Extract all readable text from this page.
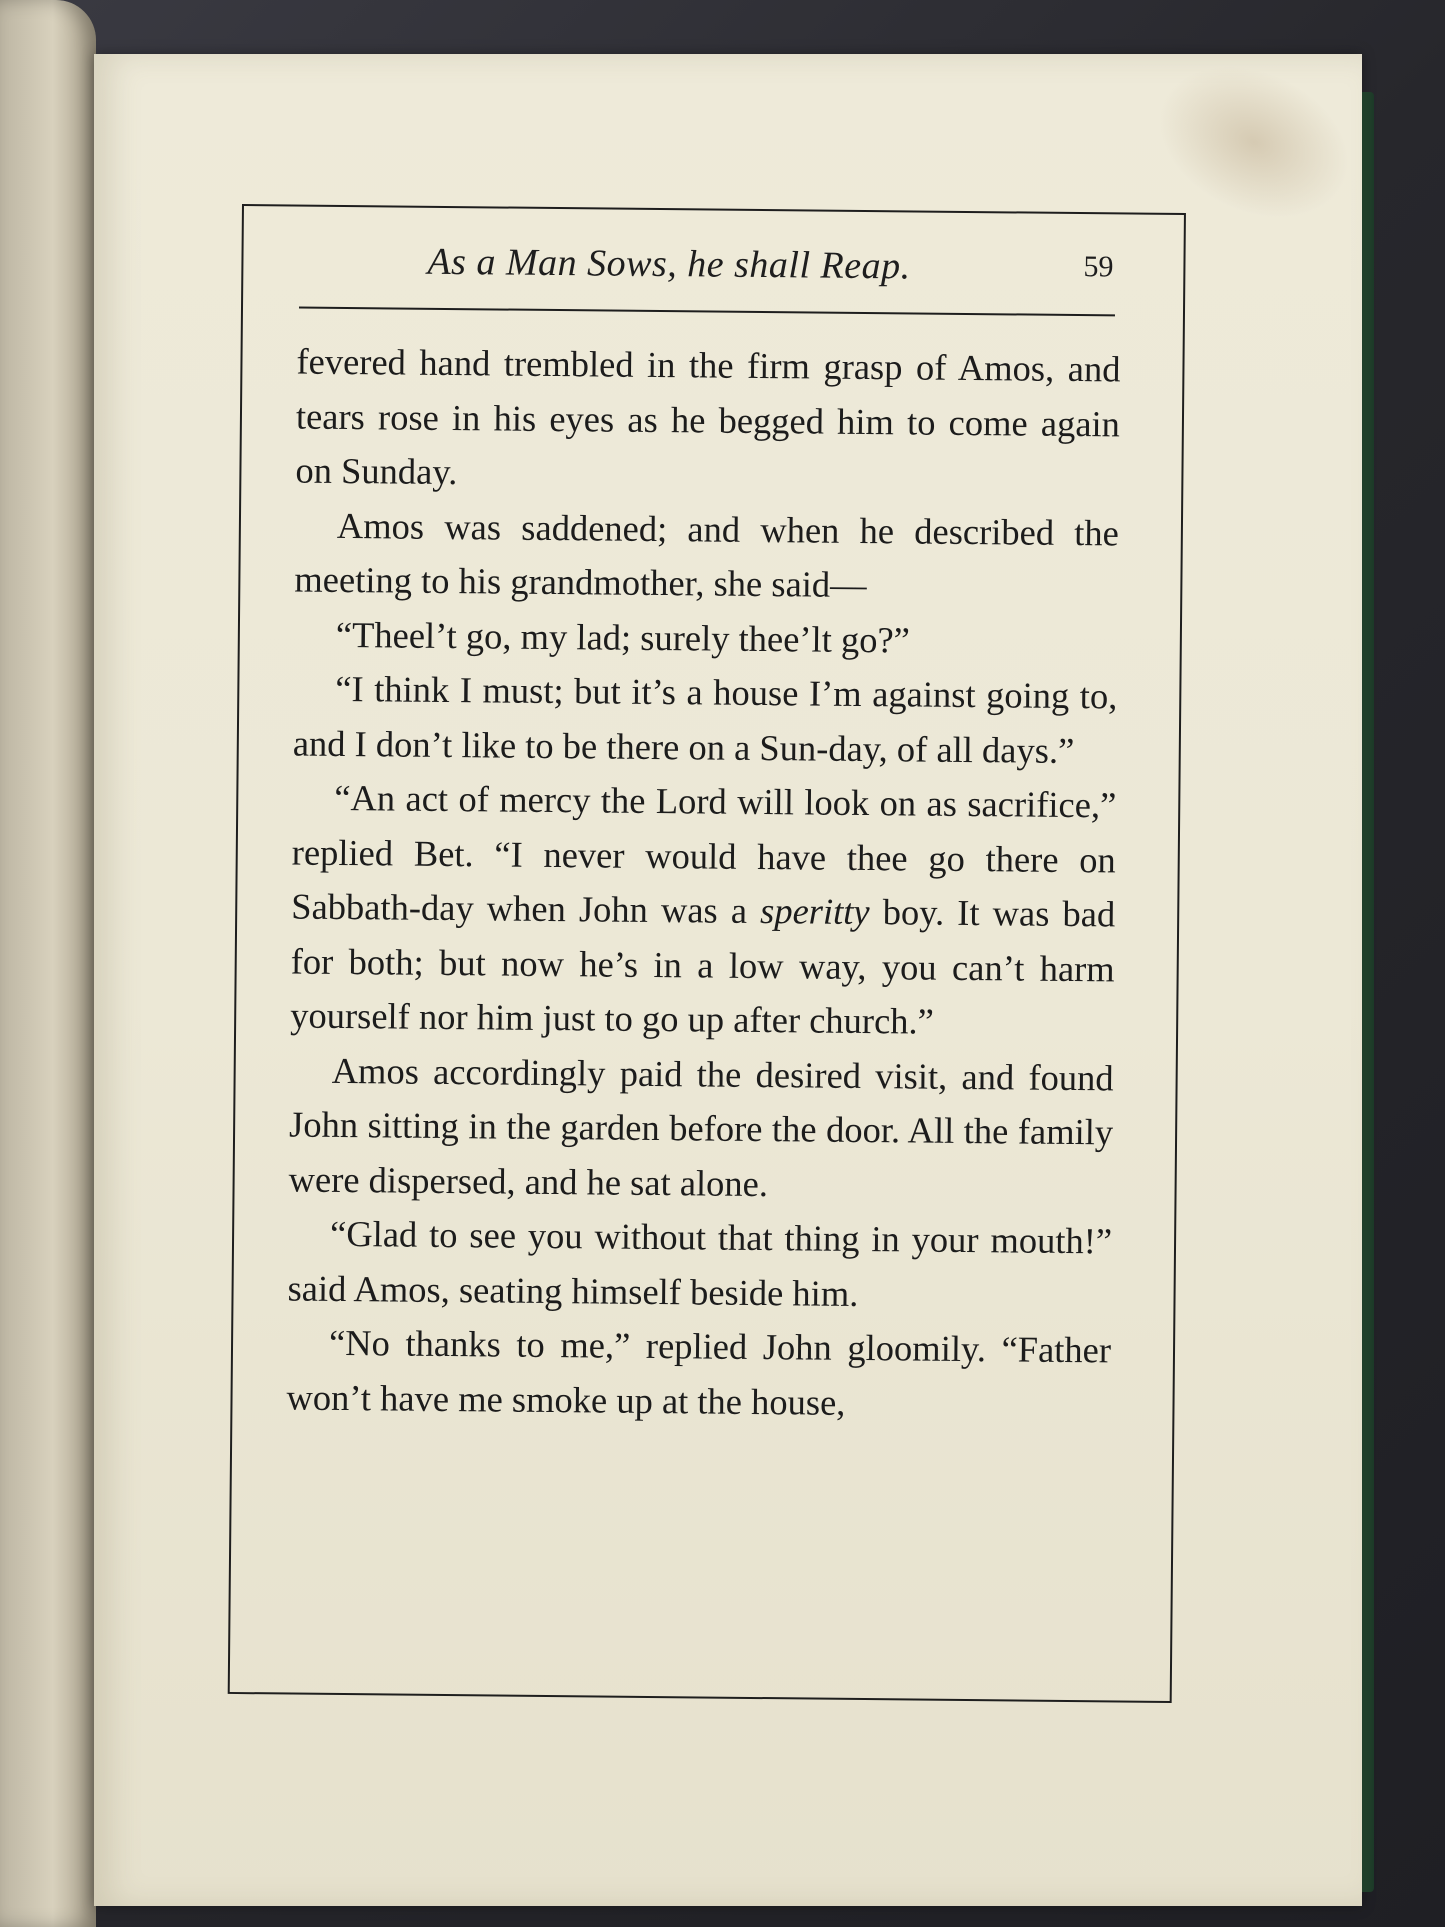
As a Man Sows, he shall Reap.	59

fevered hand trembled in the firm grasp of Amos, and tears rose in his eyes as he begged him to come again on Sunday.

Amos was saddened; and when he described the meeting to his grandmother, she said—

“Theel’t go, my lad; surely thee’lt go?”

“I think I must; but it’s a house I’m against going to, and I don’t like to be there on a Sun-day, of all days.”

“An act of mercy the Lord will look on as sacrifice,” replied Bet. “I never would have thee go there on Sabbath-day when John was a speritty boy. It was bad for both; but now he’s in a low way, you can’t harm yourself nor him just to go up after church.”

Amos accordingly paid the desired visit, and found John sitting in the garden before the door. All the family were dispersed, and he sat alone.

“Glad to see you without that thing in your mouth!” said Amos, seating himself beside him.

“No thanks to me,” replied John gloomily. “Father won’t have me smoke up at the house,
